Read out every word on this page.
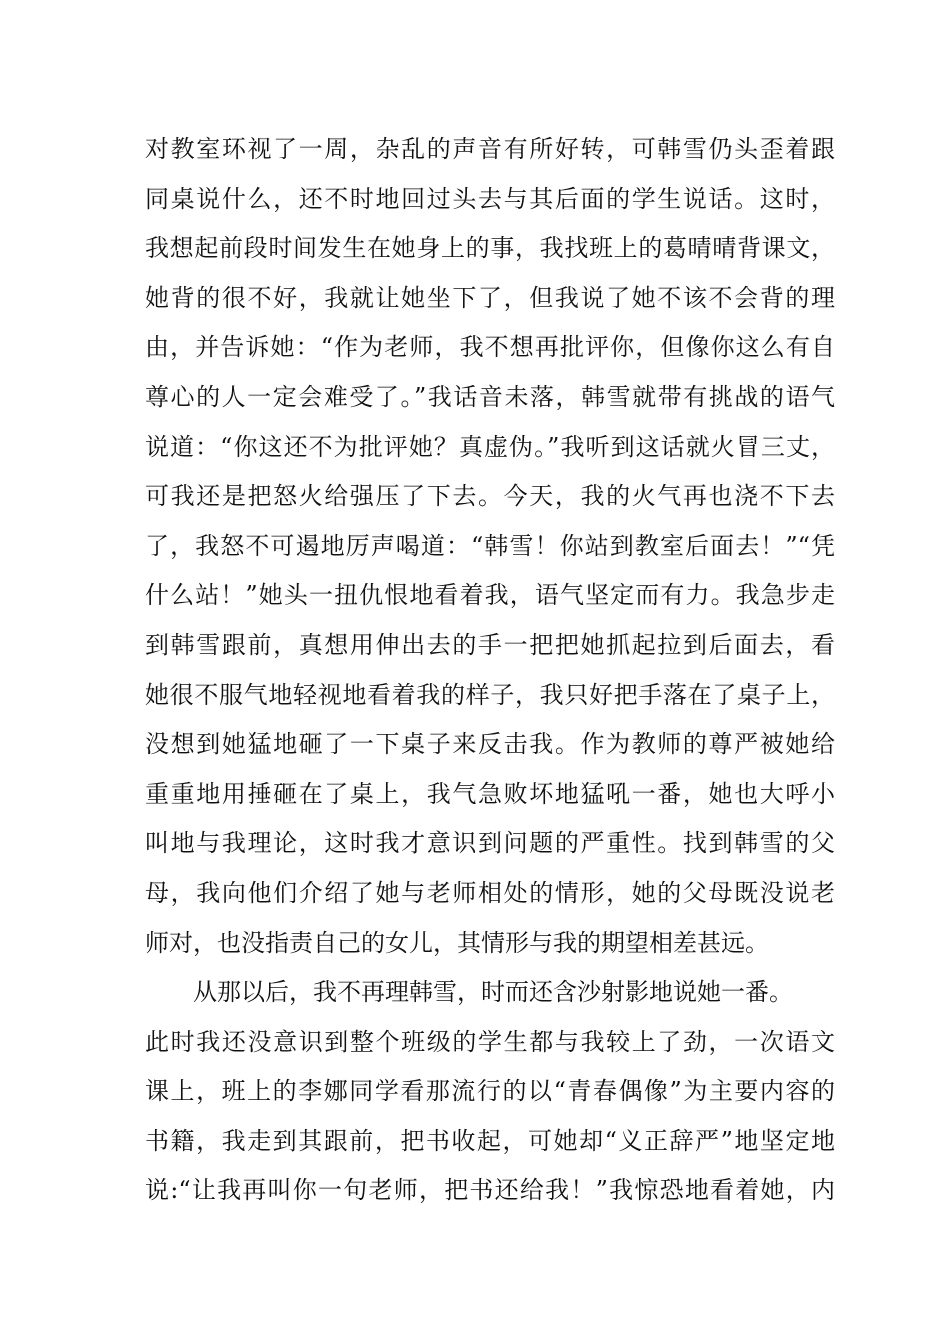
对教室环视了一周，杂乱的声音有所好转，可韩雪仍头歪着跟
同桌说什么，还不时地回过头去与其后面的学生说话。这时，
我想起前段时间发生在她身上的事，我找班上的葛晴晴背课文，
她背的很不好，我就让她坐下了，但我说了她不该不会背的理
由，并告诉她：“作为老师，我不想再批评你，但像你这么有自
尊心的人一定会难受了。”我话音未落，韩雪就带有挑战的语气
说道：“你这还不为批评她？真虚伪。”我听到这话就火冒三丈，
可我还是把怒火给强压了下去。今天，我的火气再也浇不下去
了，我怒不可遏地厉声喝道：“韩雪！你站到教室后面去！”“凭
什么站！”她头一扭仇恨地看着我，语气坚定而有力。我急步走
到韩雪跟前，真想用伸出去的手一把把她抓起拉到后面去，看
她很不服气地轻视地看着我的样子，我只好把手落在了桌子上，
没想到她猛地砸了一下桌子来反击我。作为教师的尊严被她给
重重地用捶砸在了桌上，我气急败坏地猛吼一番，她也大呼小
叫地与我理论，这时我才意识到问题的严重性。找到韩雪的父
母，我向他们介绍了她与老师相处的情形，她的父母既没说老
师对，也没指责自己的女儿，其情形与我的期望相差甚远。
从那以后，我不再理韩雪，时而还含沙射影地说她一番。
此时我还没意识到整个班级的学生都与我较上了劲，一次语文
课上，班上的李娜同学看那流行的以“青春偶像”为主要内容的
书籍，我走到其跟前，把书收起，可她却“义正辞严”地坚定地
说:“让我再叫你一句老师，把书还给我！”我惊恐地看着她，内
